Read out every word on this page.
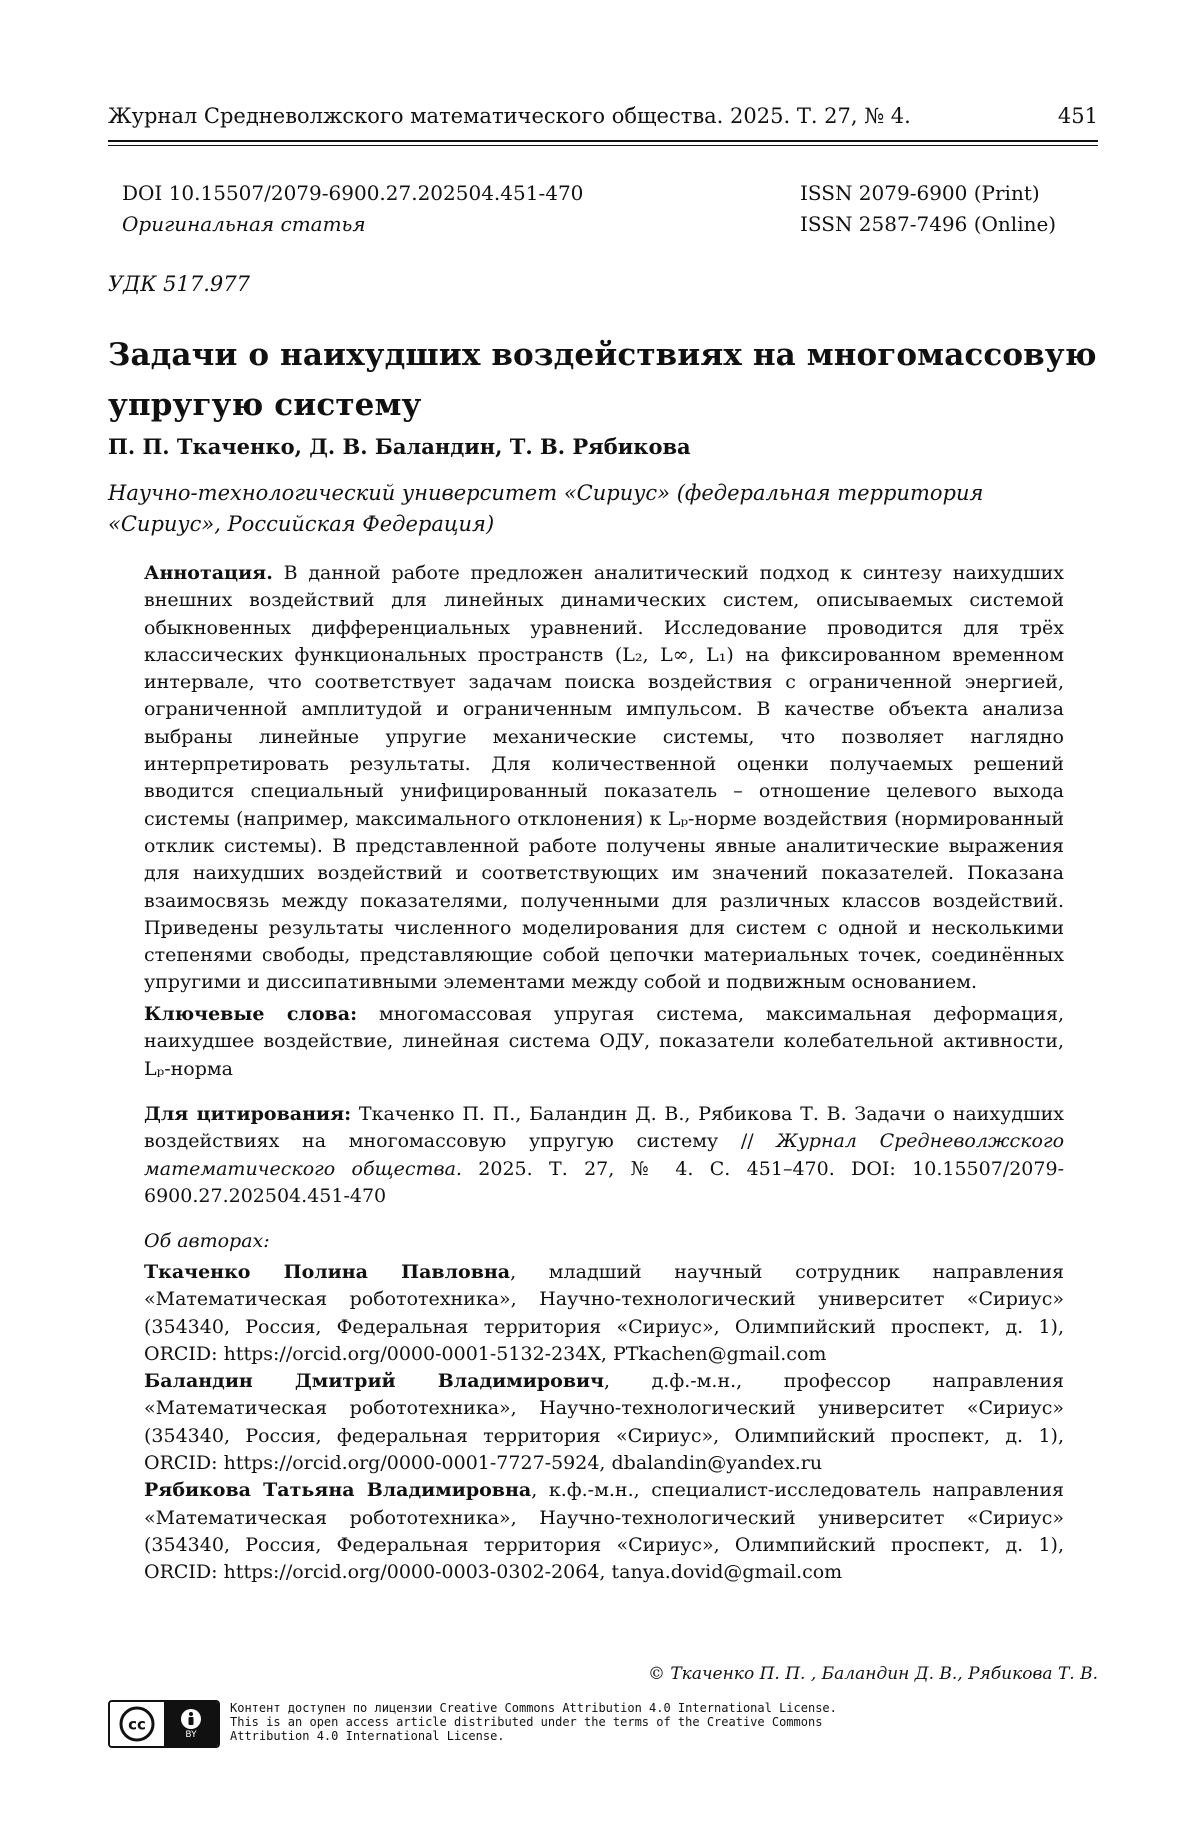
Журнал Средневолжского математического общества. 2025. Т. 27, № 4.	451
DOI 10.15507/2079-6900.27.202504.451-470
Оригинальная статья
ISSN 2079-6900 (Print)
ISSN 2587-7496 (Online)
УДК 517.977
Задачи о наихудших воздействиях на многомассовую
упругую систему
П. П. Ткаченко, Д. В. Баландин, Т. В. Рябикова
Научно-технологический университет «Сириус» (федеральная территория
«Сириус», Российская Федерация)
Аннотация. В данной работе предложен аналитический подход к синтезу наихудших внешних воздействий для линейных динамических систем, описываемых системой обыкновенных дифференциальных уравнений. Исследование проводится для трёх классических функциональных пространств (L₂, L∞, L₁) на фиксированном временном интервале, что соответствует задачам поиска воздействия с ограниченной энергией, ограниченной амплитудой и ограниченным импульсом. В качестве объекта анализа выбраны линейные упругие механические системы, что позволяет наглядно интерпретировать результаты. Для количественной оценки получаемых решений вводится специальный унифицированный показатель – отношение целевого выхода системы (например, максимального отклонения) к Lₚ-норме воздействия (нормированный отклик системы). В представленной работе получены явные аналитические выражения для наихудших воздействий и соответствующих им значений показателей. Показана взаимосвязь между показателями, полученными для различных классов воздействий. Приведены результаты численного моделирования для систем с одной и несколькими степенями свободы, представляющие собой цепочки материальных точек, соединённых упругими и диссипативными элементами между собой и подвижным основанием.
Ключевые слова: многомассовая упругая система, максимальная деформация, наихудшее воздействие, линейная система ОДУ, показатели колебательной активности, Lₚ-норма
Для цитирования: Ткаченко П. П., Баландин Д. В., Рябикова Т. В. Задачи о наихудших воздействиях на многомассовую упругую систему // Журнал Средневолжского математического общества. 2025. Т. 27, № 4. С. 451–470. DOI: 10.15507/2079-6900.27.202504.451-470
Об авторах:

Ткаченко Полина Павловна, младший научный сотрудник направления «Математическая робототехника», Научно-технологический университет «Сириус» (354340, Россия, Федеральная территория «Сириус», Олимпийский проспект, д. 1), ORCID: https://orcid.org/0000-0001-5132-234X, PTkachen@gmail.com

Баландин Дмитрий Владимирович, д.ф.-м.н., профессор направления «Математическая робототехника», Научно-технологический университет «Сириус» (354340, Россия, федеральная территория «Сириус», Олимпийский проспект, д. 1), ORCID: https://orcid.org/0000-0001-7727-5924, dbalandin@yandex.ru

Рябикова Татьяна Владимировна, к.ф.-м.н., специалист-исследователь направления «Математическая робототехника», Научно-технологический университет «Сириус» (354340, Россия, Федеральная территория «Сириус», Олимпийский проспект, д. 1), ORCID: https://orcid.org/0000-0003-0302-2064, tanya.dovid@gmail.com

© Ткаченко П. П. , Баландин Д. В., Рябикова Т. В.
cc
BY
Контент доступен по лицензии Creative Commons Attribution 4.0 International License.
This is an open access article distributed under the terms of the Creative Commons
Attribution 4.0 International License.
